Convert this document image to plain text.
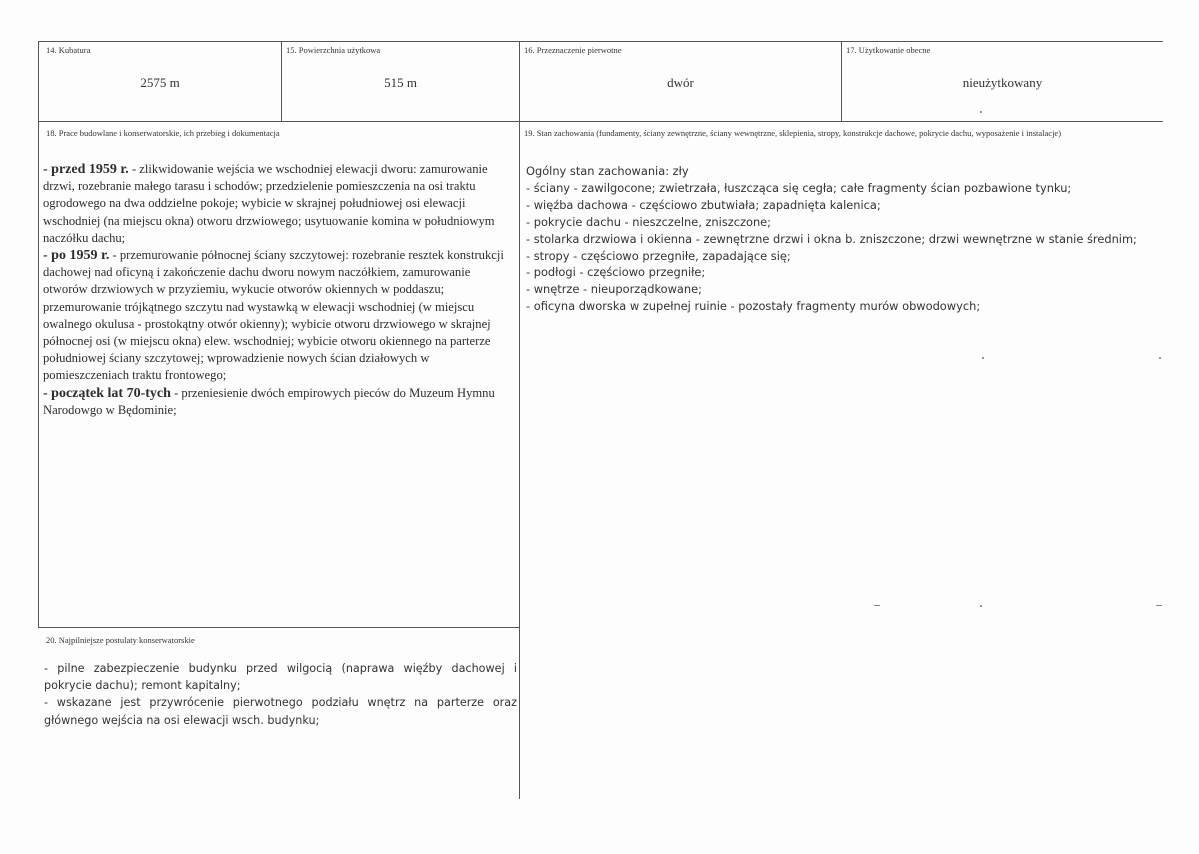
14. Kubatura
2575 m
15. Powierzchnia użytkowa
515 m
16. Przeznaczenie pierwotne
dwór
17. Użytkowanie obecne
nieużytkowany
18. Prace budowlane i konserwatorskie, ich przebieg i dokumentacja

- przed 1959 r. - zlikwidowanie wejścia we wschodniej elewacji dworu: zamurowanie drzwi, rozebranie małego tarasu i schodów; przedzielenie pomieszczenia na osi traktu ogrodowego na dwa oddzielne pokoje; wybicie w skrajnej południowej osi elewacji wschodniej (na miejscu okna) otworu drzwiowego; usytuowanie komina w południowym naczółku dachu;

- po 1959 r. - przemurowanie północnej ściany szczytowej: rozebranie resztek konstrukcji dachowej nad oficyną i zakończenie dachu dworu nowym naczółkiem, zamurowanie otworów drzwiowych w przyziemiu, wykucie otworów okiennych w poddaszu;

przemurowanie trójkątnego szczytu nad wystawką w elewacji wschodniej (w miejscu owalnego okulusa - prostokątny otwór okienny); wybicie otworu drzwiowego w skrajnej północnej osi (w miejscu okna) elew. wschodniej; wybicie otworu okiennego na parterze południowej ściany szczytowej; wprowadzienie nowych ścian działowych w pomieszczeniach traktu frontowego;

- początek lat 70-tych - przeniesienie dwóch empirowych pieców do Muzeum Hymnu Narodowgo w Będominie;

19. Stan zachowania (fundamenty, ściany zewnętrzne, ściany wewnętrzne, sklepienia, stropy, konstrukcje dachowe, pokrycie dachu, wyposażenie i instalacje)

Ogólny stan zachowania: zły

- ściany - zawilgocone; zwietrzała, łuszcząca się cegła; całe fragmenty ścian pozbawione tynku;

- więźba dachowa - częściowo zbutwiała; zapadnięta kalenica;

- pokrycie dachu - nieszczelne, zniszczone;

- stolarka drzwiowa i okienna - zewnętrzne drzwi i okna b. zniszczone; drzwi wewnętrzne w stanie średnim;

- stropy - częściowo przegniłe, zapadające się;

- podłogi - częściowo przegniłe;

- wnętrze - nieuporządkowane;

- oficyna dworska w zupełnej ruinie - pozostały fragmenty murów obwodowych;

20. Najpilniejsze postulaty konserwatorskie

- pilne zabezpieczenie budynku przed wilgocią (naprawa więźby dachowej i pokrycie dachu); remont kapitalny;

- wskazane jest przywrócenie pierwotnego podziału wnętrz na parterze oraz głównego wejścia na osi elewacji wsch. budynku;
